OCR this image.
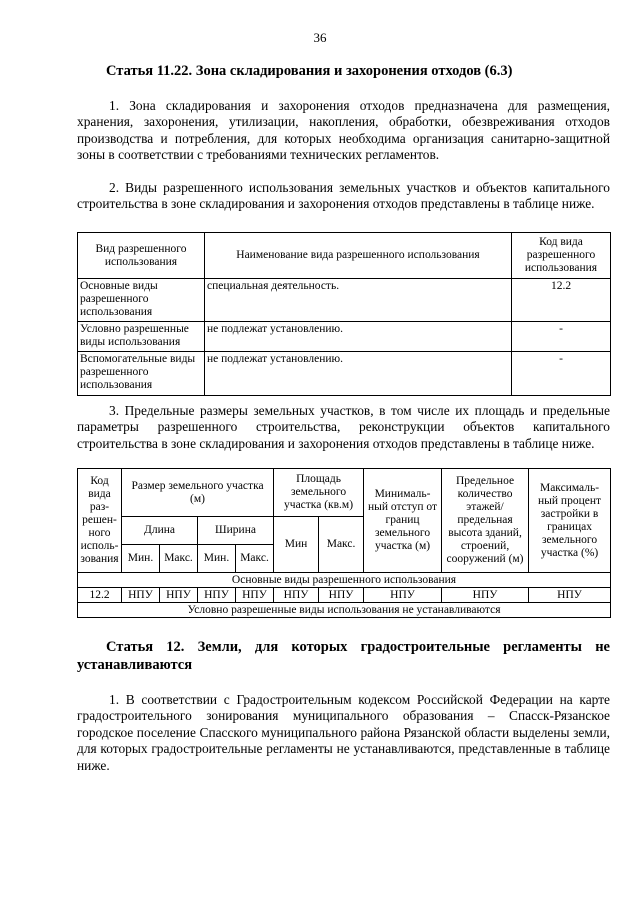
36
Статья 11.22. Зона складирования и захоронения отходов (6.3)

1. Зона складирования и захоронения отходов предназначена для размещения, хранения, захоронения, утилизации, накопления, обработки, обезвреживания отходов производства и потребления, для которых необходима организация санитарно-защитной зоны в соответствии с требованиями технических регламентов.

2. Виды разрешенного использования земельных участков и объектов капитального строительства в зоне складирования и захоронения отходов представлены в таблице ниже.

Вид разрешенного использования	Наименование вида разрешенного использования	Код вида разрешенного использования
Основные виды разрешенного использования	специальная деятельность.	12.2
Условно разрешенные виды использования	не подлежат установлению.	-
Вспомогательные виды разрешенного использования	не подлежат установлению.	-

3. Предельные размеры земельных участков, в том числе их площадь и предельные параметры разрешенного строительства, реконструкции объектов капитального строительства в зоне складирования и захоронения отходов представлены в таблице ниже.

Код вида раз-решен-ного исполь-зования	Размер земельного участка (м)				Площадь земельного участка (кв.м)		Минималь-ный отступ от границ земельного участка (м)	Предельное количество этажей/ предельная высота зданий, строений, сооружений (м)	Максималь-ный процент застройки в границах земельного участка (%)
	Длина		Ширина		Мин	Макс.			
	Мин.	Макс.	Мин.	Макс.					
Основные виды разрешенного использования									
12.2	НПУ	НПУ	НПУ	НПУ	НПУ	НПУ	НПУ	НПУ	НПУ
Условно разрешенные виды использования не устанавливаются									
Статья 12. Земли, для которых градостроительные регламенты не устанавливаются

1. В соответствии с Градостроительным кодексом Российской Федерации на карте градостроительного зонирования муниципального образования – Спасск-Рязанское городское поселение Спасского муниципального района Рязанской области выделены земли, для которых градостроительные регламенты не устанавливаются, представленные в таблице ниже.
